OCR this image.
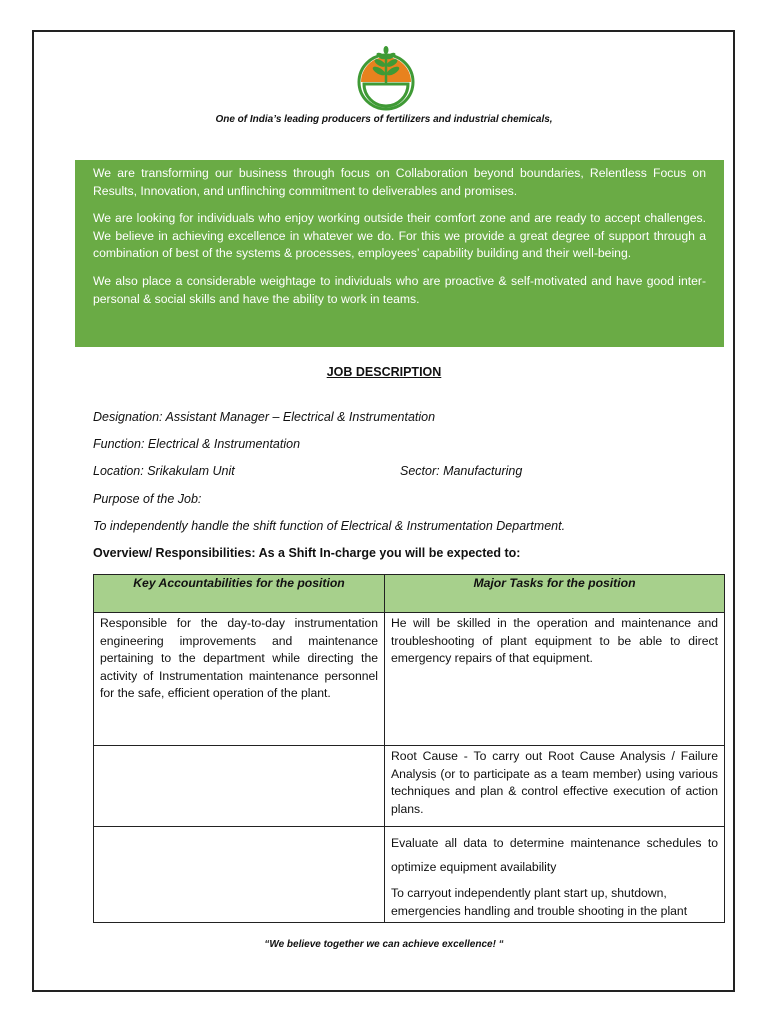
One of India’s leading producers of fertilizers and industrial chemicals,

We are transforming our business through focus on Collaboration beyond boundaries, Relentless Focus on Results, Innovation, and unflinching commitment to deliverables and promises.

We are looking for individuals who enjoy working outside their comfort zone and are ready to accept challenges. We believe in achieving excellence in whatever we do. For this we provide a great degree of support through a combination of best of the systems & processes, employees’ capability building and their well-being.

We also place a considerable weightage to individuals who are proactive & self-motivated and have good inter-personal & social skills and have the ability to work in teams.

JOB DESCRIPTION
Designation: Assistant Manager – Electrical & Instrumentation
Function: Electrical & Instrumentation
Location: Srikakulam Unit	Sector: Manufacturing
Purpose of the Job:
To independently handle the shift function of Electrical & Instrumentation Department.
Overview/ Responsibilities: As a Shift In-charge you will be expected to:
Key Accountabilities for the position	Major Tasks for the position
Responsible for the day-to-day instrumentation engineering improvements and maintenance pertaining to the department while directing the activity of Instrumentation maintenance personnel for the safe, efficient operation of the plant.	He will be skilled in the operation and maintenance and troubleshooting of plant equipment to be able to direct emergency repairs of that equipment.
	Root Cause - To carry out Root Cause Analysis / Failure Analysis (or to participate as a team member) using various techniques and plan & control effective execution of action plans.

	Evaluate all data to determine maintenance schedules to optimize equipment availability
To carryout independently plant start up, shutdown, emergencies handling and trouble shooting in the plant
“We believe together we can achieve excellence! “
